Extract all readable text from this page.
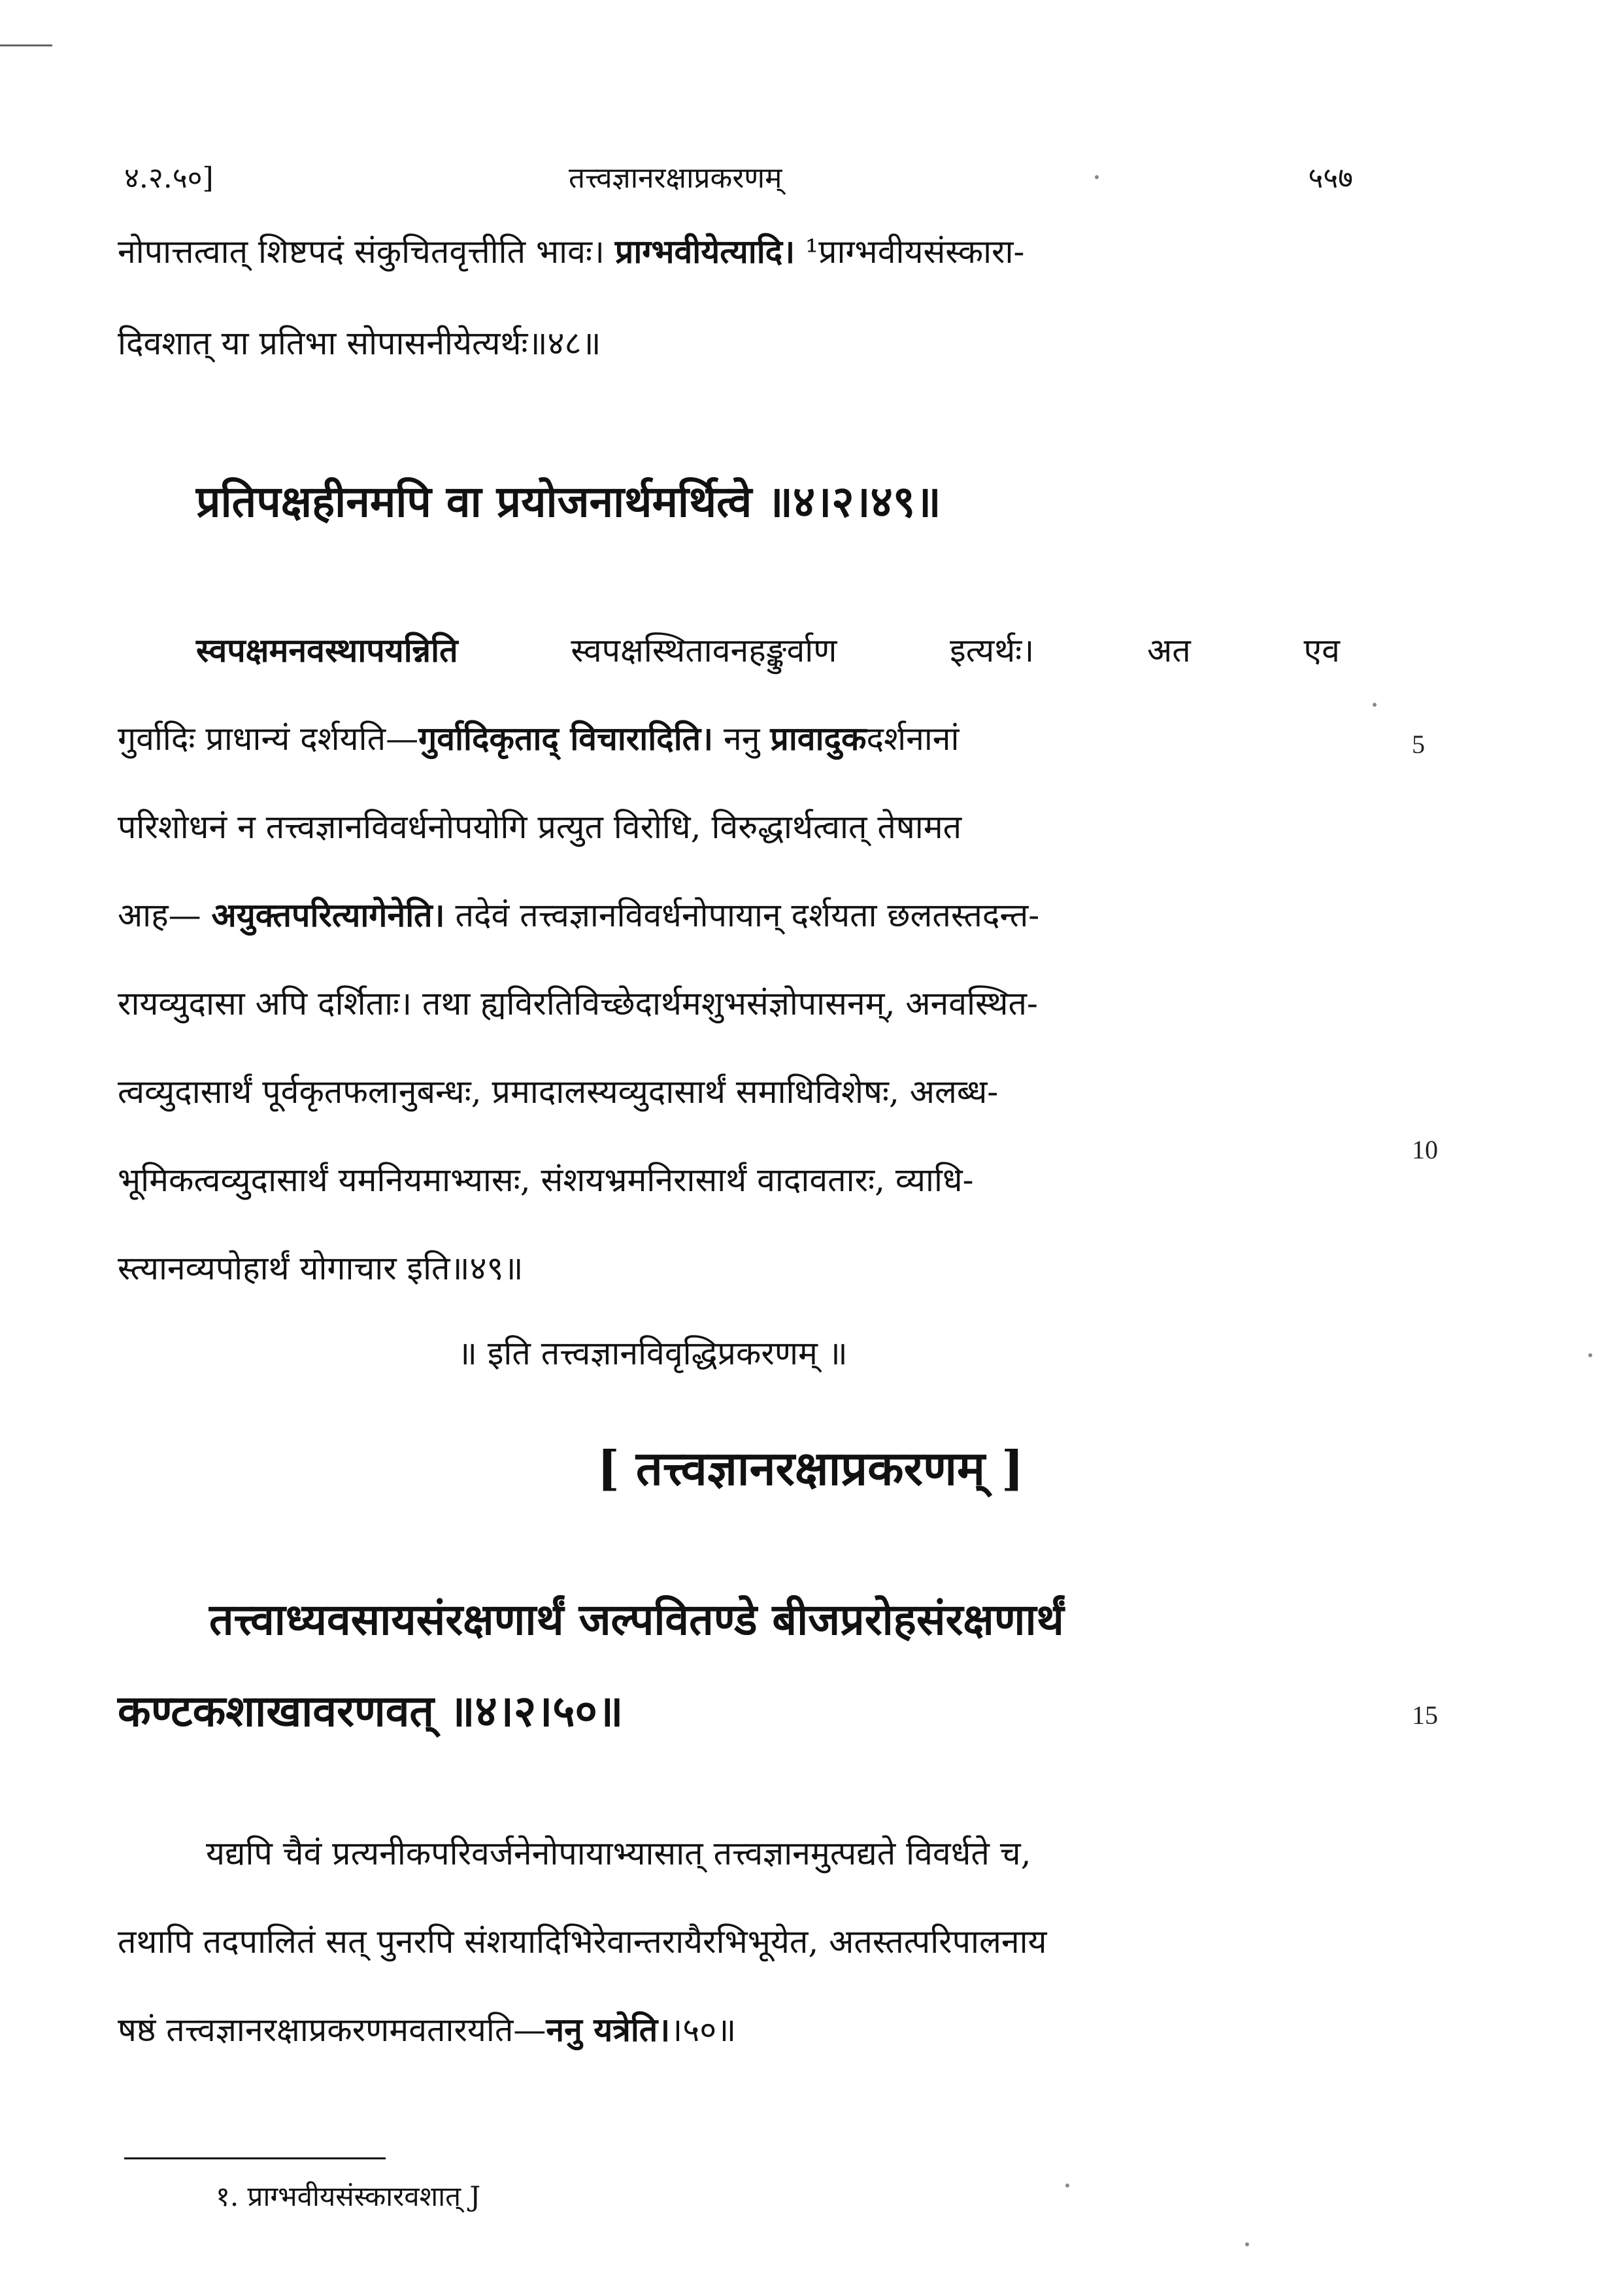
४.२.५०]	तत्त्वज्ञानरक्षाप्रकरणम्	५५७
नोपात्तत्वात् शिष्टपदं संकुचितवृत्तीति भावः। प्राग्भवीयेत्यादि। ¹प्राग्भवीयसंस्कारा-
दिवशात् या प्रतिभा सोपासनीयेत्यर्थः॥४८॥
प्रतिपक्षहीनमपि वा प्रयोजनार्थमर्थित्वे ॥४।२।४९॥
स्वपक्षमनवस्थापयन्निति	स्वपक्षस्थितावनहङ्कुर्वाण	इत्यर्थः।	अत	एव
गुर्वादिः प्राधान्यं दर्शयति—गुर्वादिकृताद् विचारादिति। ननु प्रावादुकदर्शनानां
परिशोधनं न तत्त्वज्ञानविवर्धनोपयोगि प्रत्युत विरोधि, विरुद्धार्थत्वात् तेषामत
आह— अयुक्तपरित्यागेनेति। तदेवं तत्त्वज्ञानविवर्धनोपायान् दर्शयता छलतस्तदन्त-
रायव्युदासा अपि दर्शिताः। तथा ह्यविरतिविच्छेदार्थमशुभसंज्ञोपासनम्, अनवस्थित-
त्वव्युदासार्थं पूर्वकृतफलानुबन्धः, प्रमादालस्यव्युदासार्थं समाधिविशेषः, अलब्ध-
भूमिकत्वव्युदासार्थं यमनियमाभ्यासः, संशयभ्रमनिरासार्थं वादावतारः, व्याधि-
स्त्यानव्यपोहार्थं योगाचार इति॥४९॥
॥ इति तत्त्वज्ञानविवृद्धिप्रकरणम् ॥
[ तत्त्वज्ञानरक्षाप्रकरणम् ]
तत्त्वाध्यवसायसंरक्षणार्थं जल्पवितण्डे बीजप्ररोहसंरक्षणार्थं
कण्टकशाखावरणवत् ॥४।२।५०॥
यद्यपि चैवं प्रत्यनीकपरिवर्जनेनोपायाभ्यासात् तत्त्वज्ञानमुत्पद्यते विवर्धते च,
तथापि तदपालितं सत् पुनरपि संशयादिभिरेवान्तरायैरभिभूयेत, अतस्तत्परिपालनाय
षष्ठं तत्त्वज्ञानरक्षाप्रकरणमवतारयति—ननु यत्रेति।।५०॥
१. प्राग्भवीयसंस्कारवशात् J
5
10
15
